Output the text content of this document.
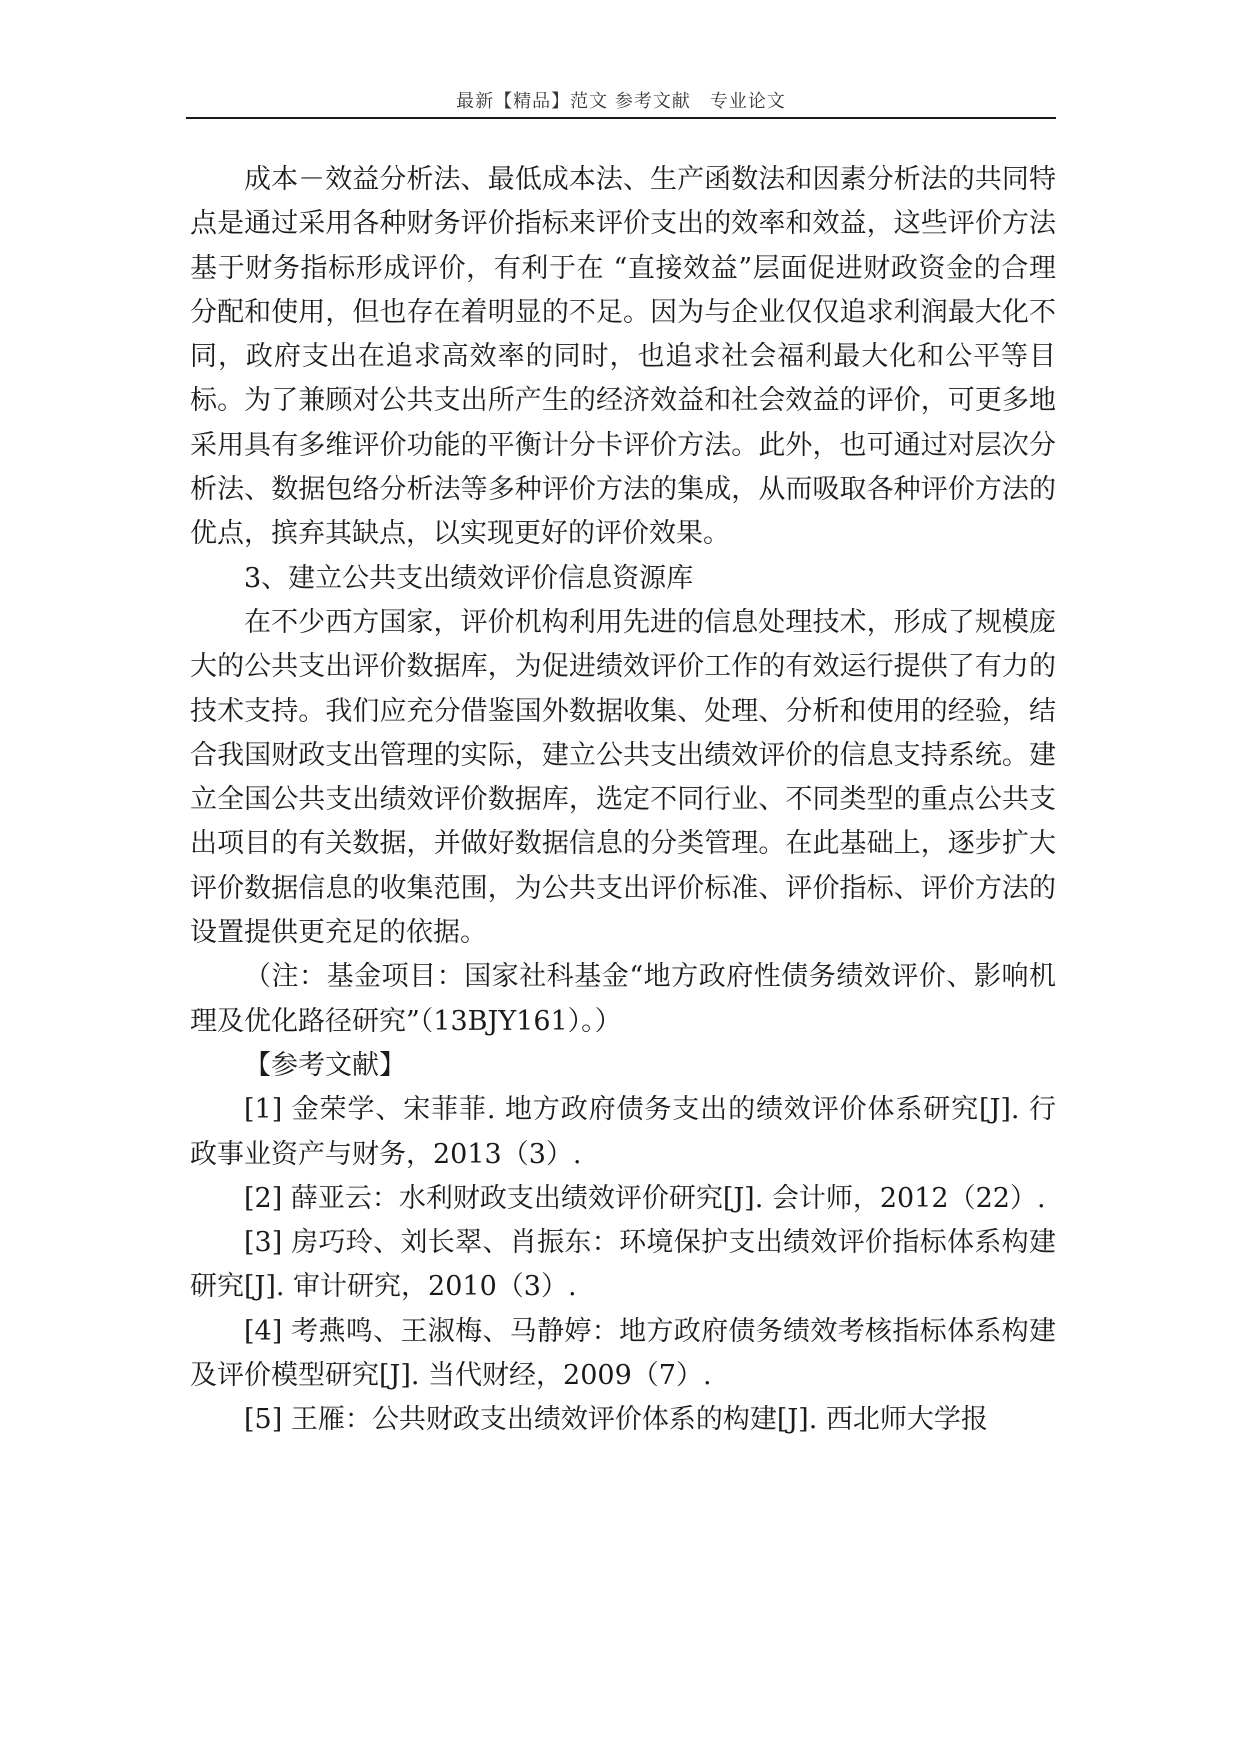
最新【精品】范文 参考文献　专业论文

成本－效益分析法、最低成本法、生产函数法和因素分析法的共同特点是通过采用各种财务评价指标来评价支出的效率和效益，这些评价方法基于财务指标形成评价，有利于在 “直接效益”层面促进财政资金的合理分配和使用，但也存在着明显的不足。因为与企业仅仅追求利润最大化不同，政府支出在追求高效率的同时，也追求社会福利最大化和公平等目标。为了兼顾对公共支出所产生的经济效益和社会效益的评价，可更多地采用具有多维评价功能的平衡计分卡评价方法。此外，也可通过对层次分析法、数据包络分析法等多种评价方法的集成，从而吸取各种评价方法的优点，摈弃其缺点，以实现更好的评价效果。

3、建立公共支出绩效评价信息资源库

在不少西方国家，评价机构利用先进的信息处理技术，形成了规模庞大的公共支出评价数据库，为促进绩效评价工作的有效运行提供了有力的技术支持。我们应充分借鉴国外数据收集、处理、分析和使用的经验，结合我国财政支出管理的实际，建立公共支出绩效评价的信息支持系统。建立全国公共支出绩效评价数据库，选定不同行业、不同类型的重点公共支出项目的有关数据，并做好数据信息的分类管理。在此基础上，逐步扩大评价数据信息的收集范围，为公共支出评价标准、评价指标、评价方法的设置提供更充足的依据。

（注：基金项目：国家社科基金“地方政府性债务绩效评价、影响机理及优化路径研究”（13BJY161）。）

【参考文献】

[1] 金荣学、宋菲菲. 地方政府债务支出的绩效评价体系研究[J]. 行政事业资产与财务，2013（3）.

[2] 薛亚云：水利财政支出绩效评价研究[J]. 会计师，2012（22）.

[3] 房巧玲、刘长翠、肖振东：环境保护支出绩效评价指标体系构建研究[J]. 审计研究，2010（3）.

[4] 考燕鸣、王淑梅、马静婷：地方政府债务绩效考核指标体系构建及评价模型研究[J]. 当代财经，2009（7）.

[5] 王雁：公共财政支出绩效评价体系的构建[J]. 西北师大学报
